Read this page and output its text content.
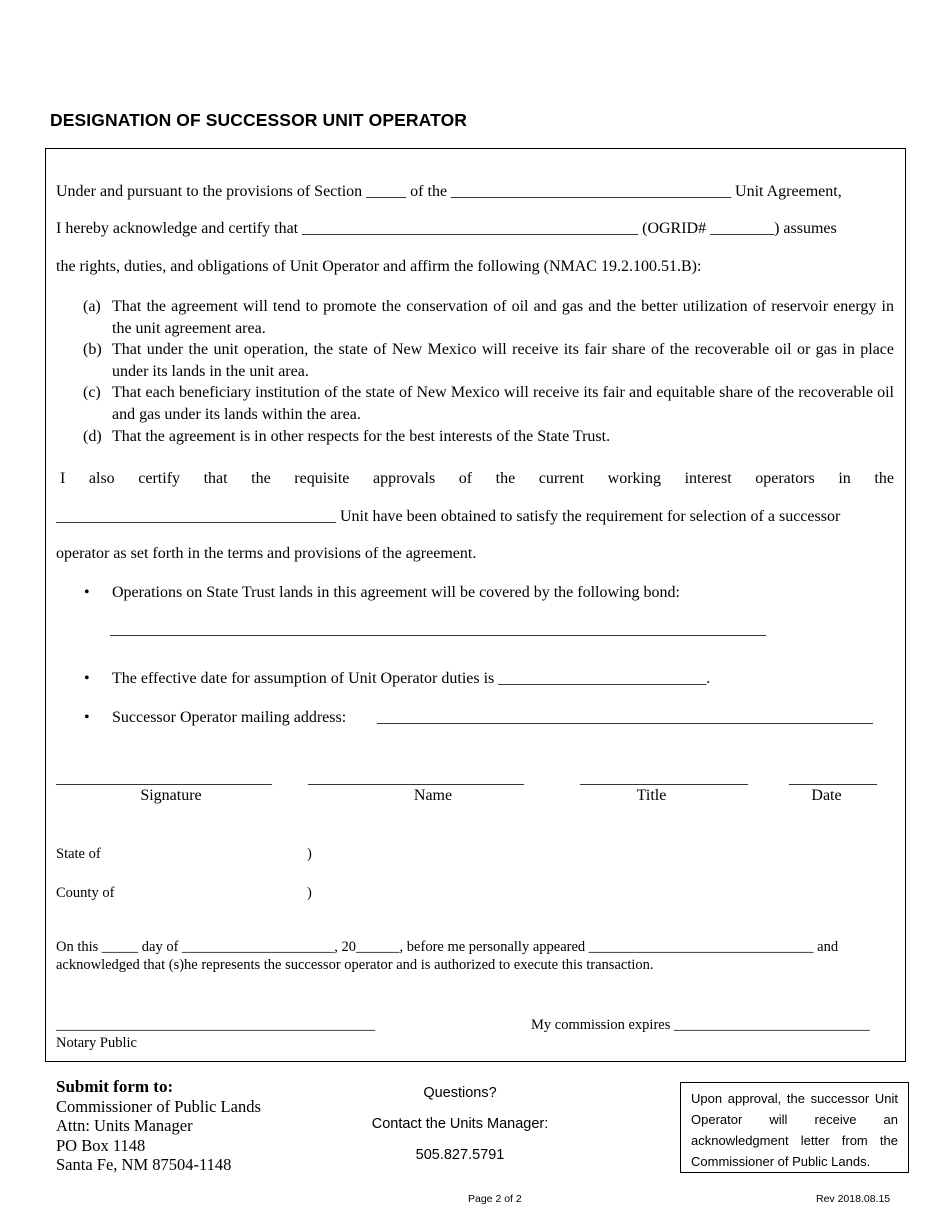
DESIGNATION OF SUCCESSOR UNIT OPERATOR
Under and pursuant to the provisions of Section _____ of the ___________________________________ Unit Agreement,
I hereby acknowledge and certify that __________________________________________ (OGRID# ________) assumes
the rights, duties, and obligations of Unit Operator and affirm the following (NMAC 19.2.100.51.B):
(a) That the agreement will tend to promote the conservation of oil and gas and the better utilization of reservoir energy in the unit agreement area.
(b) That under the unit operation, the state of New Mexico will receive its fair share of the recoverable oil or gas in place under its lands in the unit area.
(c) That each beneficiary institution of the state of New Mexico will receive its fair and equitable share of the recoverable oil and gas under its lands within the area.
(d) That the agreement is in other respects for the best interests of the State Trust.
I also certify that the requisite approvals of the current working interest operators in the
___________________________________ Unit have been obtained to satisfy the requirement for selection of a successor
operator as set forth in the terms and provisions of the agreement.
• Operations on State Trust lands in this agreement will be covered by the following bond:
__________________________________________________________________________________
• The effective date for assumption of Unit Operator duties is __________________________.
• Successor Operator mailing address: ______________________________________________________________
___________________________ ___________________________	_____________________	___________
Signature	Name	Title	Date
State of	)
County of	)
On this _____ day of _____________________, 20______, before me personally appeared _______________________________ and
acknowledged that (s)he represents the successor operator and is authorized to execute this transaction.
____________________________________________	My commission expires ___________________________
Notary Public
Submit form to:
Commissioner of Public Lands
Attn: Units Manager
PO Box 1148
Santa Fe, NM 87504-1148
Questions?
Contact the Units Manager:
505.827.5791
Upon approval, the successor Unit Operator will receive an acknowledgment letter from the Commissioner of Public Lands.
Page 2 of 2	Rev 2018.08.15
